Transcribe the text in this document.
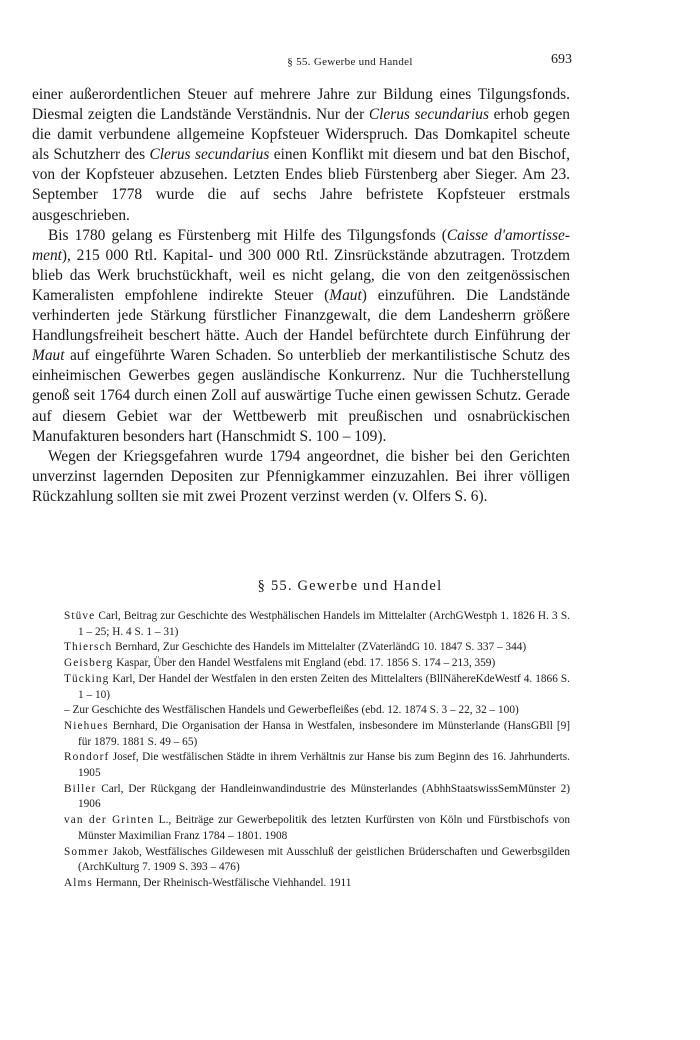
§ 55. Gewerbe und Handel	693

einer außerordentlichen Steuer auf mehrere Jahre zur Bildung eines Tilgungsfonds. Diesmal zeigten die Landstände Verständnis. Nur der Clerus secundarius erhob gegen die damit verbundene allgemeine Kopfsteuer Widerspruch. Das Domkapitel scheute als Schutzherr des Clerus secundarius einen Konflikt mit diesem und bat den Bischof, von der Kopfsteuer abzusehen. Letzten Endes blieb Fürstenberg aber Sieger. Am 23. September 1778 wurde die auf sechs Jahre befristete Kopfsteuer erstmals ausgeschrieben.

Bis 1780 gelang es Fürstenberg mit Hilfe des Tilgungsfonds (Caisse d'amortissement), 215 000 Rtl. Kapital- und 300 000 Rtl. Zinsrückstände abzutragen. Trotzdem blieb das Werk bruchstückhaft, weil es nicht gelang, die von den zeitgenössischen Kameralisten empfohlene indirekte Steuer (Maut) einzuführen. Die Landstände verhinderten jede Stärkung fürstlicher Finanzgewalt, die dem Landesherrn größere Handlungsfreiheit beschert hätte. Auch der Handel befürchtete durch Einführung der Maut auf eingeführte Waren Schaden. So unterblieb der merkantilistische Schutz des einheimischen Gewerbes gegen ausländische Konkurrenz. Nur die Tuchherstellung genoß seit 1764 durch einen Zoll auf auswärtige Tuche einen gewissen Schutz. Gerade auf diesem Gebiet war der Wettbewerb mit preußischen und osnabrückischen Manufakturen besonders hart (Hanschmidt S. 100 – 109).

Wegen der Kriegsgefahren wurde 1794 angeordnet, die bisher bei den Gerichten unverzinst lagernden Depositen zur Pfennigkammer einzuzahlen. Bei ihrer völligen Rückzahlung sollten sie mit zwei Prozent verzinst werden (v. Olfers S. 6).

§ 55. Gewerbe und Handel
Stüve Carl, Beitrag zur Geschichte des Westphälischen Handels im Mittelalter (ArchGWestph 1. 1826 H. 3 S. 1 – 25; H. 4 S. 1 – 31)
Thiersch Bernhard, Zur Geschichte des Handels im Mittelalter (ZVaterländG 10. 1847 S. 337 – 344)
Geisberg Kaspar, Über den Handel Westfalens mit England (ebd. 17. 1856 S. 174 – 213, 359)
Tücking Karl, Der Handel der Westfalen in den ersten Zeiten des Mittelalters (BllNähereKdeWestf 4. 1866 S. 1 – 10)
– Zur Geschichte des Westfälischen Handels und Gewerbefleißes (ebd. 12. 1874 S. 3 – 22, 32 – 100)
Niehues Bernhard, Die Organisation der Hansa in Westfalen, insbesondere im Münsterlande (HansGBll [9] für 1879. 1881 S. 49 – 65)
Rondorf Josef, Die westfälischen Städte in ihrem Verhältnis zur Hanse bis zum Beginn des 16. Jahrhunderts. 1905
Biller Carl, Der Rückgang der Handleinwandindustrie des Münsterlandes (AbhhStaatswissSemMünster 2) 1906
van der Grinten L., Beiträge zur Gewerbepolitik des letzten Kurfürsten von Köln und Fürstbischofs von Münster Maximilian Franz 1784 – 1801. 1908
Sommer Jakob, Westfälisches Gildewesen mit Ausschluß der geistlichen Brüderschaften und Gewerbsgilden (ArchKulturg 7. 1909 S. 393 – 476)
Alms Hermann, Der Rheinisch-Westfälische Viehhandel. 1911
